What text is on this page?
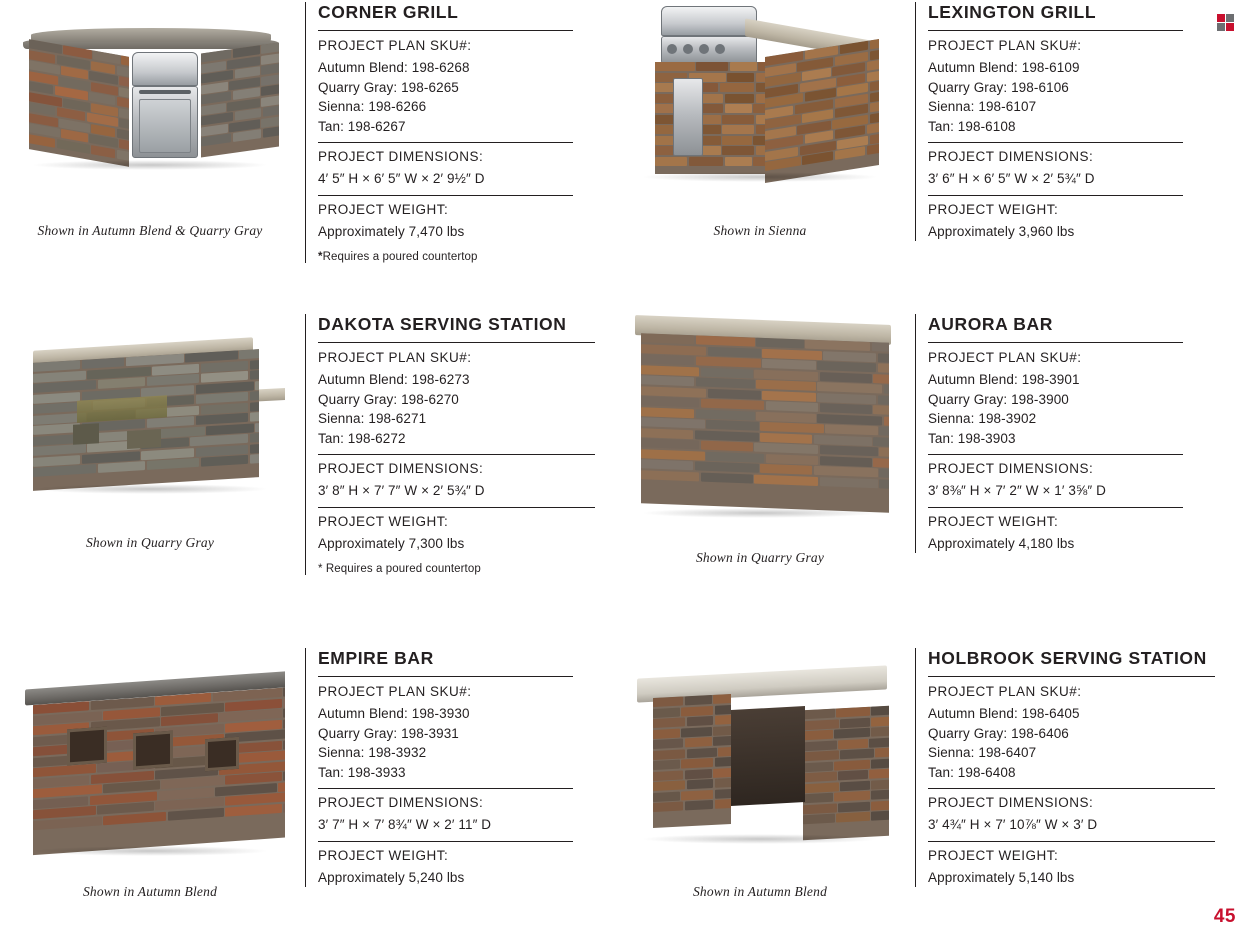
Shown in Autumn Blend & Quarry Gray
CORNER GRILL
PROJECT PLAN SKU#:
Autumn Blend: 198-6268
Quarry Gray: 198-6265
Sienna: 198-6266
Tan: 198-6267
PROJECT DIMENSIONS:
4′ 5″ H × 6′ 5″ W × 2′ 9½″ D
PROJECT WEIGHT:
Approximately 7,470 lbs
*Requires a poured countertop
Shown in Sienna
LEXINGTON GRILL
PROJECT PLAN SKU#:
Autumn Blend: 198-6109
Quarry Gray: 198-6106
Sienna: 198-6107
Tan: 198-6108
PROJECT DIMENSIONS:
3′ 6″ H × 6′ 5″ W × 2′ 5¾″ D
PROJECT WEIGHT:
Approximately 3,960 lbs
Shown in Quarry Gray
DAKOTA SERVING STATION
PROJECT PLAN SKU#:
Autumn Blend: 198-6273
Quarry Gray: 198-6270
Sienna: 198-6271
Tan: 198-6272
PROJECT DIMENSIONS:
3′ 8″ H × 7′ 7″ W × 2′ 5¾″ D
PROJECT WEIGHT:
Approximately 7,300 lbs
* Requires a poured countertop
Shown in Quarry Gray
AURORA BAR
PROJECT PLAN SKU#:
Autumn Blend: 198-3901
Quarry Gray: 198-3900
Sienna: 198-3902
Tan: 198-3903
PROJECT DIMENSIONS:
3′ 8⅜″ H × 7′ 2″ W × 1′ 3⅝″ D
PROJECT WEIGHT:
Approximately 4,180 lbs
Shown in Autumn Blend
EMPIRE BAR
PROJECT PLAN SKU#:
Autumn Blend: 198-3930
Quarry Gray: 198-3931
Sienna: 198-3932
Tan: 198-3933
PROJECT DIMENSIONS:
3′ 7″ H × 7′ 8¾″ W × 2′ 11″ D
PROJECT WEIGHT:
Approximately 5,240 lbs
Shown in Autumn Blend
HOLBROOK SERVING STATION
PROJECT PLAN SKU#:
Autumn Blend: 198-6405
Quarry Gray: 198-6406
Sienna: 198-6407
Tan: 198-6408
PROJECT DIMENSIONS:
3′ 4¾″ H × 7′ 10⅞″ W × 3′ D
PROJECT WEIGHT:
Approximately 5,140 lbs
45
